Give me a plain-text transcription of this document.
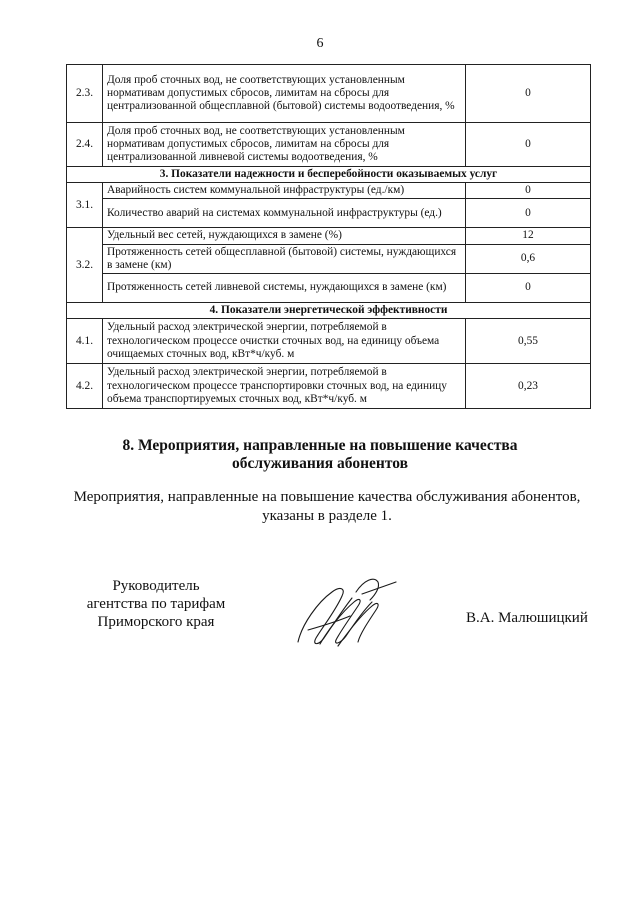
6
2.3.	Доля проб сточных вод, не соответствующих установленным нормативам допустимых сбросов, лимитам на сбросы для централизованной общесплавной (бытовой) системы водоотведения, %	0
2.4.	Доля проб сточных вод, не соответствующих установленным нормативам допустимых сбросов, лимитам на сбросы для централизованной ливневой системы водоотведения, %	0
3. Показатели надежности и бесперебойности оказываемых услуг		
3.1.	Аварийность систем коммунальной инфраструктуры (ед./км)	0
	Количество аварий на системах коммунальной инфраструктуры (ед.)	0
3.2.	Удельный вес сетей, нуждающихся в замене (%)	12
	Протяженность сетей общесплавной (бытовой) системы, нуждающихся в замене (км)	0,6
	Протяженность сетей ливневой системы, нуждающихся в замене (км)	0
4. Показатели энергетической эффективности		
4.1.	Удельный расход электрической энергии, потребляемой в технологическом процессе очистки сточных вод, на единицу объема очищаемых сточных вод, кВт*ч/куб. м	0,55
4.2.	Удельный расход электрической энергии, потребляемой в технологическом процессе транспортировки сточных вод, на единицу объема транспортируемых сточных вод, кВт*ч/куб. м	0,23
8. Мероприятия, направленные на повышение качества
обслуживания абонентов
Мероприятия, направленные на повышение качества обслуживания абонентов, указаны в разделе 1.
Руководитель
агентства по тарифам
Приморского края	В.А. Малюшицкий
